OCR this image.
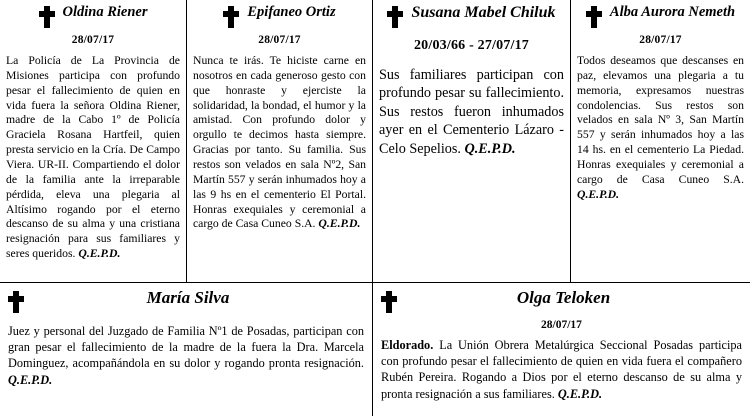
Oldina Riener
28/07/17
La Policía de La Provincia de Misiones participa con profundo pesar el fallecimiento de quien en vida fuera la señora Oldina Riener, madre de la Cabo 1º de Policía Graciela Rosana Hartfeil, quien presta servicio en la Cría. De Campo Viera. UR-II. Compartiendo el dolor de la familia ante la irreparable pérdida, eleva una plegaria al Altísimo rogando por el eterno descanso de su alma y una cristiana resignación para sus familiares y seres queridos. Q.E.P.D.
Epifaneo Ortiz
28/07/17
Nunca te irás. Te hiciste carne en nosotros en cada generoso gesto con que honraste y ejerciste la solidaridad, la bondad, el humor y la amistad. Con profundo dolor y orgullo te decimos hasta siempre. Gracias por tanto. Su familia. Sus restos son velados en sala Nº2, San Martín 557 y serán inhumados hoy a las 9 hs en el cementerio El Portal. Honras exequiales y ceremonial a cargo de Casa Cuneo S.A. Q.E.P.D.
Susana Mabel Chiluk
20/03/66 - 27/07/17
Sus familiares participan con profundo pesar su fallecimiento. Sus restos fueron inhumados ayer en el Cementerio Lázaro - Celo Sepelios. Q.E.P.D.
Alba Aurora Nemeth
28/07/17
Todos deseamos que descanses en paz, elevamos una plegaria a tu memoria, expresamos nuestras condolencias. Sus restos son velados en sala Nº 3, San Martín 557 y serán inhumados hoy a las 14 hs. en el cementerio La Piedad. Honras exequiales y ceremonial a cargo de Casa Cuneo S.A. Q.E.P.D.
María Silva
Juez y personal del Juzgado de Familia Nº1 de Posadas, participan con gran pesar el fallecimiento de la madre de la fuera la Dra. Marcela Dominguez, acompañándola en su dolor y rogando pronta resignación. Q.E.P.D.
Olga Teloken
28/07/17
Eldorado. La Unión Obrera Metalúrgica Seccional Posadas participa con profundo pesar el fallecimiento de quien en vida fuera el compañero Rubén Pereira. Rogando a Dios por el eterno descanso de su alma y pronta resignación a sus familiares. Q.E.P.D.
